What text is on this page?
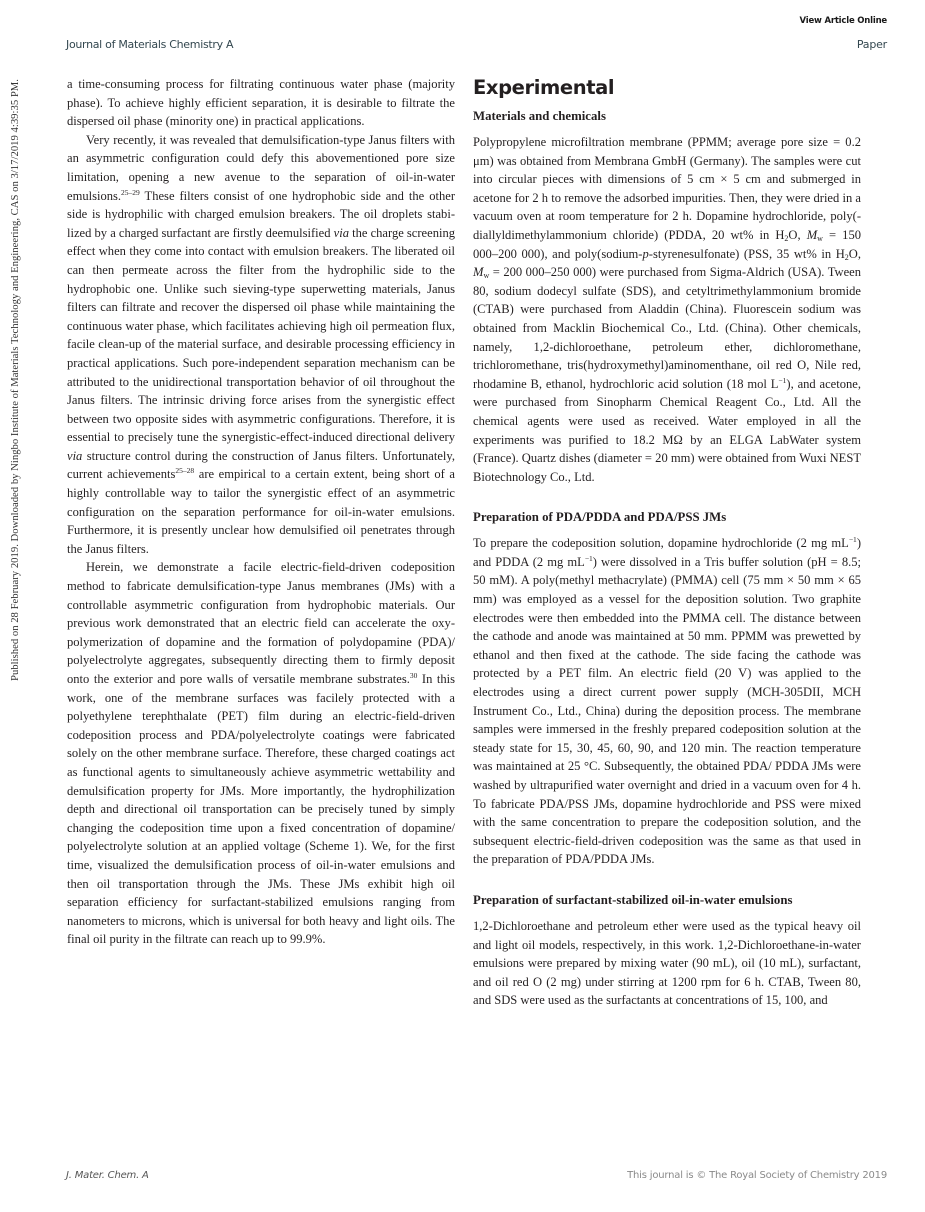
View Article Online
Journal of Materials Chemistry A	Paper
Published on 28 February 2019. Downloaded by Ningbo Institute of Materials Technology and Engineering, CAS on 3/17/2019 4:39:35 PM.	a time-consuming process for filtrating continuous water phase (majority phase). To achieve highly efficient separation, it is desirable to filtrate the dispersed oil phase (minority one) in practical applications.

Very recently, it was revealed that demulsification-type Janus filters with an asymmetric configuration could defy this abovementioned pore size limitation, opening a new avenue to the separation of oil-in-water emulsions.$^{25-29}$ These filters consist of one hydrophobic side and the other side is hydrophilic with charged emulsion breakers. The oil droplets stabilized by a charged surfactant are firstly deemulsified via the charge screening effect when they come into contact with emulsion breakers. The liberated oil can then permeate across the filter from the hydrophilic side to the hydrophobic one. Unlike such sieving-type superwetting materials, Janus filters can filtrate and recover the dispersed oil phase while maintaining the continuous water phase, which facilitates achieving high oil permeation flux, facile clean-up of the material surface, and desirable processing efficiency in practical applications. Such pore-independent separation mechanism can be attributed to the unidirectional transportation behavior of oil throughout the Janus filters. The intrinsic driving force arises from the synergistic effect between two opposite sides with asymmetric configurations. Therefore, it is essential to precisely tune the synergistic-effect-induced directional delivery via structure control during the construction of Janus filters. Unfortunately, current achievements$^{25-28}$ are empirical to a certain extent, being short of a highly controllable way to tailor the synergistic effect of an asymmetric configuration on the separation performance for oil-in-water emulsions. Furthermore, it is presently unclear how demulsified oil penetrates through the Janus filters.

Herein, we demonstrate a facile electric-field-driven codeposition method to fabricate demulsification-type Janus membranes (JMs) with a controllable asymmetric configuration from hydrophobic materials. Our previous work demonstrated that an electric field can accelerate the oxy-polymerization of dopamine and the formation of polydopamine (PDA)/ polyelectrolyte aggregates, subsequently directing them to firmly deposit onto the exterior and pore walls of versatile membrane substrates.$^{30}$ In this work, one of the membrane surfaces was facilely protected with a polyethylene terephthalate (PET) film during an electric-field-driven codeposition process and PDA/polyelectrolyte coatings were fabricated solely on the other membrane surface. Therefore, these charged coatings act as functional agents to simultaneously achieve asymmetric wettability and demulsification property for JMs. More importantly, the hydrophilization depth and directional oil transportation can be precisely tuned by simply changing the codeposition time upon a fixed concentration of dopamine/ polyelectrolyte solution at an applied voltage (Scheme 1). We, for the first time, visualized the demulsification process of oil-in-water emulsions and then oil transportation through the JMs. These JMs exhibit high oil separation efficiency for surfactant-stabilized emulsions ranging from nanometers to microns, which is universal for both heavy and light oils. The final oil purity in the filtrate can reach up to 99.9%.

Experimental
Materials and chemicals

Polypropylene microfiltration membrane (PPMM; average pore size = 0.2 μm) was obtained from Membrana GmbH (Germany). The samples were cut into circular pieces with dimensions of 5 cm × 5 cm and submerged in acetone for 2 h to remove the adsorbed impurities. Then, they were dried in a vacuum oven at room temperature for 2 h. Dopamine hydrochloride, poly(-diallyldimethylammonium chloride) (PDDA, 20 wt% in $H_2O$, $M_w = 150$ 000–200 000), and poly(sodium-p-styrenesulfonate) (PSS, 35 wt% in $H_2O$, $M_w = 200$ 000–250 000) were purchased from Sigma-Aldrich (USA). Tween 80, sodium dodecyl sulfate (SDS), and cetyltrimethylammonium bromide (CTAB) were purchased from Aladdin (China). Fluorescein sodium was obtained from Macklin Biochemical Co., Ltd. (China). Other chemicals, namely, 1,2-dichloroethane, petroleum ether, dichloromethane, trichloromethane, tris(hydroxymethyl)aminomenthane, oil red O, Nile red, rhodamine B, ethanol, hydrochloric acid solution (18 mol $L^{-1}$), and acetone, were purchased from Sinopharm Chemical Reagent Co., Ltd. All the chemical agents were used as received. Water employed in all the experiments was purified to 18.2 MΩ by an ELGA LabWater system (France). Quartz dishes (diameter = 20 mm) were obtained from Wuxi NEST Biotechnology Co., Ltd.

Preparation of PDA/PDDA and PDA/PSS JMs

To prepare the codeposition solution, dopamine hydrochloride (2 mg $mL^{-1}$) and PDDA (2 mg $mL^{-1}$) were dissolved in a Tris buffer solution (pH = 8.5; 50 mM). A poly(methyl methacrylate) (PMMA) cell (75 mm × 50 mm × 65 mm) was employed as a vessel for the deposition solution. Two graphite electrodes were then embedded into the PMMA cell. The distance between the cathode and anode was maintained at 50 mm. PPMM was prewetted by ethanol and then fixed at the cathode. The side facing the cathode was protected by a PET film. An electric field (20 V) was applied to the electrodes using a direct current power supply (MCH-305DII, MCH Instrument Co., Ltd., China) during the deposition process. The membrane samples were immersed in the freshly prepared codeposition solution at the steady state for 15, 30, 45, 60, 90, and 120 min. The reaction temperature was maintained at 25 °C. Subsequently, the obtained PDA/ PDDA JMs were washed by ultrapurified water overnight and dried in a vacuum oven for 4 h. To fabricate PDA/PSS JMs, dopamine hydrochloride and PSS were mixed with the same concentration to prepare the codeposition solution, and the subsequent electric-field-driven codeposition was the same as that used in the preparation of PDA/PDDA JMs.

Preparation of surfactant-stabilized oil-in-water emulsions

1,2-Dichloroethane and petroleum ether were used as the typical heavy oil and light oil models, respectively, in this work. 1,2-Dichloroethane-in-water emulsions were prepared by mixing water (90 mL), oil (10 mL), surfactant, and oil red O (2 mg) under stirring at 1200 rpm for 6 h. CTAB, Tween 80, and SDS were used as the surfactants at concentrations of 15, 100, and

J. Mater. Chem. A	This journal is © The Royal Society of Chemistry 2019
